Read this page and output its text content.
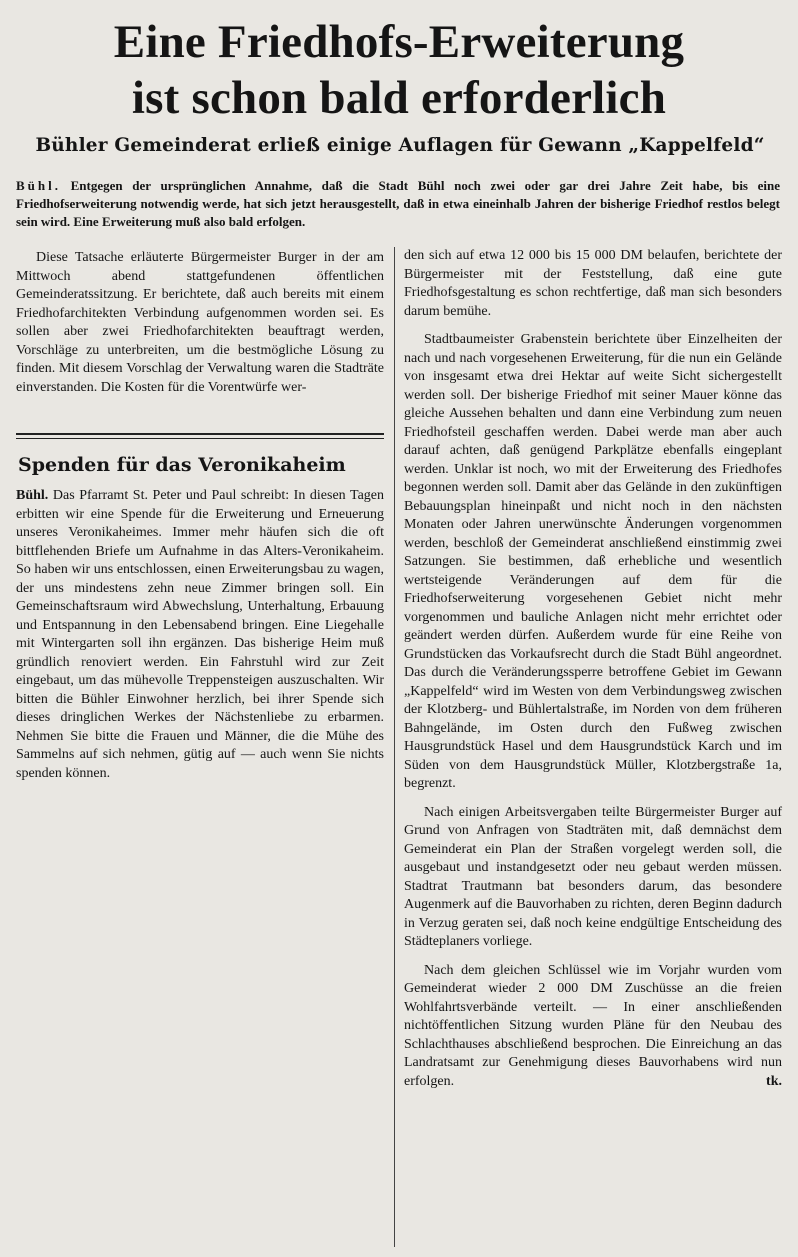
Eine Friedhofs-Erweiterung
ist schon bald erforderlich
Bühler Gemeinderat erließ einige Auflagen für Gewann „Kappelfeld“
Bühl. Entgegen der ursprünglichen Annahme, daß die Stadt Bühl noch zwei oder gar drei Jahre Zeit habe, bis eine Friedhofserweiterung notwendig werde, hat sich jetzt herausgestellt, daß in etwa eineinhalb Jahren der bisherige Friedhof restlos belegt sein wird. Eine Erweiterung muß also bald erfolgen.

Diese Tatsache erläuterte Bürgermeister Burger in der am Mittwoch abend stattgefundenen öffentlichen Gemeinderatssitzung. Er berichtete, daß auch bereits mit einem Friedhofarchitekten Verbindung aufgenommen worden sei. Es sollen aber zwei Friedhofarchitekten beauftragt werden, Vorschläge zu unterbreiten, um die bestmögliche Lösung zu finden. Mit diesem Vorschlag der Verwaltung waren die Stadträte einverstanden. Die Kosten für die Vorentwürfe wer-

Spenden für das Veronikaheim

Bühl. Das Pfarramt St. Peter und Paul schreibt: In diesen Tagen erbitten wir eine Spende für die Erweiterung und Erneuerung unseres Veronikaheimes. Immer mehr häufen sich die oft bittflehenden Briefe um Aufnahme in das Alters-Veronikaheim. So haben wir uns entschlossen, einen Erweiterungsbau zu wagen, der uns mindestens zehn neue Zimmer bringen soll. Ein Gemeinschaftsraum wird Abwechslung, Unterhaltung, Erbauung und Entspannung in den Lebensabend bringen. Eine Liegehalle mit Wintergarten soll ihn ergänzen. Das bisherige Heim muß gründlich renoviert werden. Ein Fahrstuhl wird zur Zeit eingebaut, um das mühevolle Treppensteigen auszuschalten. Wir bitten die Bühler Einwohner herzlich, bei ihrer Spende sich dieses dringlichen Werkes der Nächstenliebe zu erbarmen. Nehmen Sie bitte die Frauen und Männer, die die Mühe des Sammelns auf sich nehmen, gütig auf — auch wenn Sie nichts spenden können.

den sich auf etwa 12 000 bis 15 000 DM belaufen, berichtete der Bürgermeister mit der Feststellung, daß eine gute Friedhofsgestaltung es schon rechtfertige, daß man sich besonders darum bemühe.

Stadtbaumeister Grabenstein berichtete über Einzelheiten der nach und nach vorgesehenen Erweiterung, für die nun ein Gelände von insgesamt etwa drei Hektar auf weite Sicht sichergestellt werden soll. Der bisherige Friedhof mit seiner Mauer könne das gleiche Aussehen behalten und dann eine Verbindung zum neuen Friedhofsteil geschaffen werden. Dabei werde man aber auch darauf achten, daß genügend Parkplätze ebenfalls eingeplant werden. Unklar ist noch, wo mit der Erweiterung des Friedhofes begonnen werden soll. Damit aber das Gelände in den zukünftigen Bebauungsplan hineinpaßt und nicht noch in den nächsten Monaten oder Jahren unerwünschte Änderungen vorgenommen werden, beschloß der Gemeinderat anschließend einstimmig zwei Satzungen. Sie bestimmen, daß erhebliche und wesentlich wertsteigende Veränderungen auf dem für die Friedhofserweiterung vorgesehenen Gebiet nicht mehr vorgenommen und bauliche Anlagen nicht mehr errichtet oder geändert werden dürfen. Außerdem wurde für eine Reihe von Grundstücken das Vorkaufsrecht durch die Stadt Bühl angeordnet. Das durch die Veränderungssperre betroffene Gebiet im Gewann „Kappelfeld“ wird im Westen von dem Verbindungsweg zwischen der Klotzberg- und Bühlertalstraße, im Norden von dem früheren Bahngelände, im Osten durch den Fußweg zwischen Hausgrundstück Hasel und dem Hausgrundstück Karch und im Süden von dem Hausgrundstück Müller, Klotzbergstraße 1a, begrenzt.

Nach einigen Arbeitsvergaben teilte Bürgermeister Burger auf Grund von Anfragen von Stadträten mit, daß demnächst dem Gemeinderat ein Plan der Straßen vorgelegt werden soll, die ausgebaut und instandgesetzt oder neu gebaut werden müssen. Stadtrat Trautmann bat besonders darum, das besondere Augenmerk auf die Bauvorhaben zu richten, deren Beginn dadurch in Verzug geraten sei, daß noch keine endgültige Entscheidung des Städteplaners vorliege.

Nach dem gleichen Schlüssel wie im Vorjahr wurden vom Gemeinderat wieder 2 000 DM Zuschüsse an die freien Wohlfahrtsverbände verteilt. — In einer anschließenden nichtöffentlichen Sitzung wurden Pläne für den Neubau des Schlachthauses abschließend besprochen. Die Einreichung an das Landratsamt zur Genehmigung dieses Bauvorhabens wird nun erfolgen.	tk.
